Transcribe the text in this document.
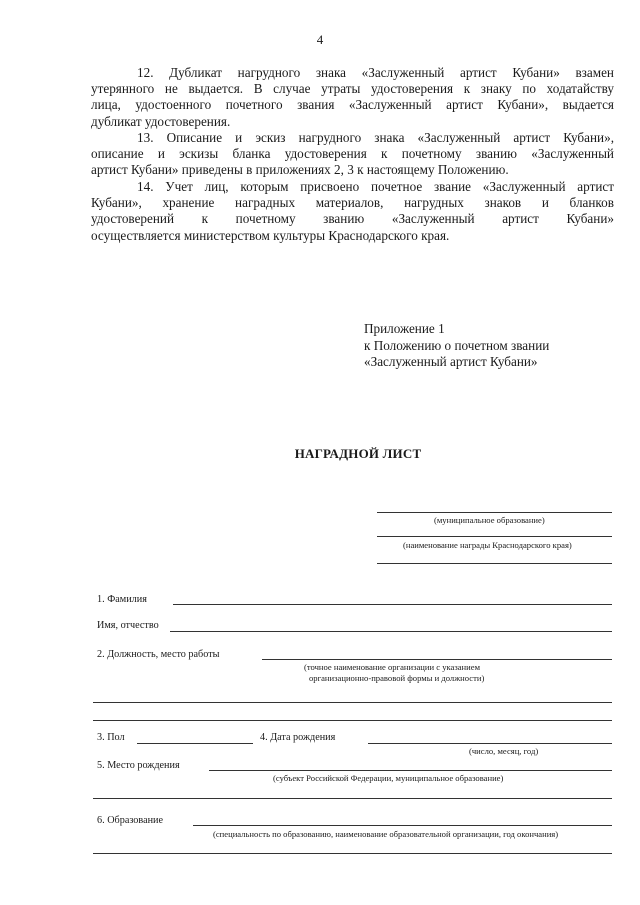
4
12. Дубликат нагрудного знака «Заслуженный артист Кубани» взамен
утерянного не выдается. В случае утраты удостоверения к знаку по ходатайству
лица, удостоенного почетного звания «Заслуженный артист Кубани», выдается
дубликат удостоверения.
13. Описание и эскиз нагрудного знака «Заслуженный артист Кубани»,
описание и эскизы бланка удостоверения к почетному званию «Заслуженный
артист Кубани» приведены в приложениях 2, 3 к настоящему Положению.
14. Учет лиц, которым присвоено почетное звание «Заслуженный артист
Кубани», хранение наградных материалов, нагрудных знаков и бланков
удостоверений к почетному званию «Заслуженный артист Кубани»
осуществляется министерством культуры Краснодарского края.
Приложение 1
к Положению о почетном звании
«Заслуженный артист Кубани»
НАГРАДНОЙ ЛИСТ
(муниципальное образование)
(наименование награды Краснодарского края)
1. Фамилия
Имя, отчество
2. Должность, место работы
(точное наименование организации с указанием
организационно-правовой формы и должности)
3. Пол	4. Дата рождения
(число, месяц, год)
5. Место рождения
(субъект Российской Федерации, муниципальное образование)
6. Образование
(специальность по образованию, наименование образовательной организации, год окончания)
